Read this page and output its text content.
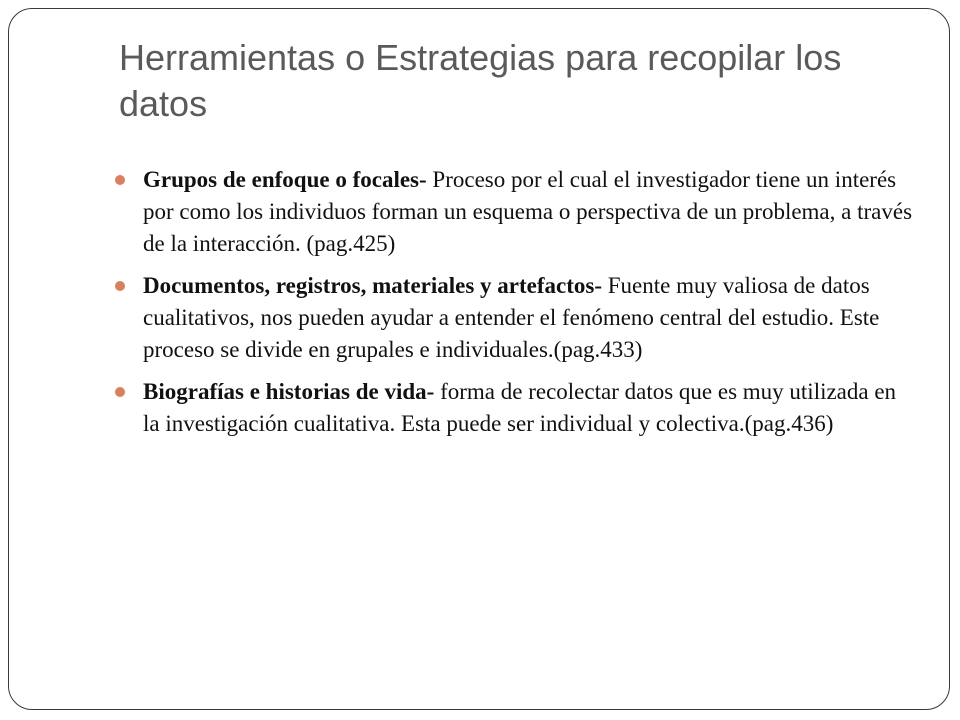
Herramientas o Estrategias para recopilar los datos
Grupos de enfoque o focales- Proceso por el cual el investigador tiene un interés por como los individuos forman un esquema o perspectiva de un problema, a través de la interacción. (pag.425)
Documentos, registros, materiales y artefactos- Fuente muy valiosa de datos cualitativos, nos pueden ayudar a entender el fenómeno central del estudio. Este proceso se divide en grupales e individuales.(pag.433)
Biografías e historias de vida- forma de recolectar datos que es muy utilizada en la investigación cualitativa. Esta puede ser individual y colectiva.(pag.436)
